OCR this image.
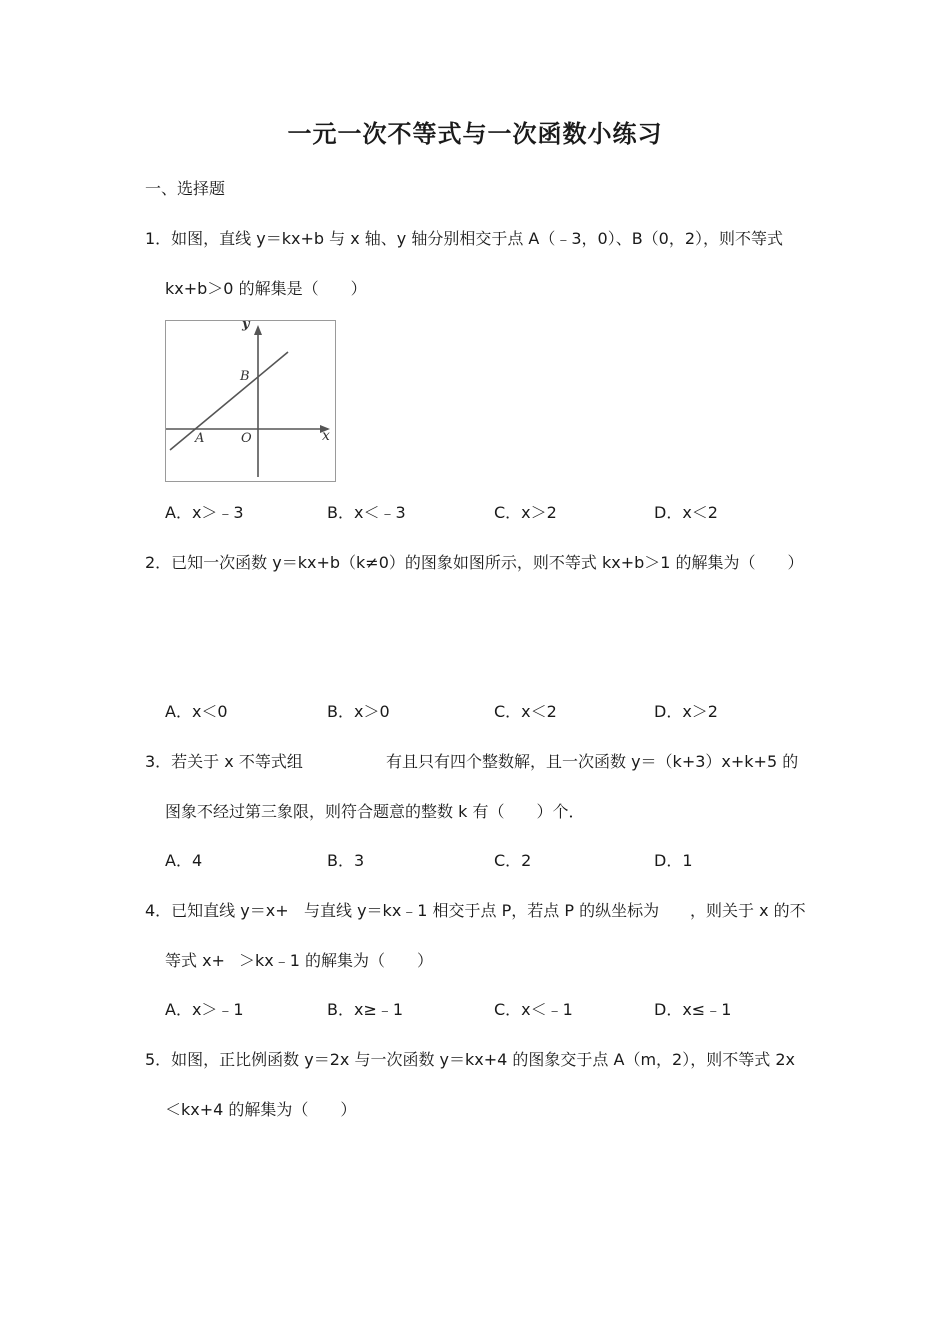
一元一次不等式与一次函数小练习
一、选择题
1．如图，直线 y＝kx+b 与 x 轴、y 轴分别相交于点 A（﹣3，0）、B（0，2），则不等式
kx+b＞0 的解集是（　　）
y
x
B
A	O
A．x＞﹣3	B．x＜﹣3	C．x＞2	D．x＜2
2．已知一次函数 y＝kx+b（k≠0）的图象如图所示，则不等式 kx+b＞1 的解集为（　　）
A．x＜0	B．x＞0	C．x＜2	D．x＞2
3．若关于 x 不等式组	有且只有四个整数解，且一次函数 y＝（k+3）x+k+5 的
图象不经过第三象限，则符合题意的整数 k 有（　　）个．
A．4	B．3	C．2	D．1
4．已知直线 y＝x+ 与直线 y＝kx﹣1 相交于点 P，若点 P 的纵坐标为 ，则关于 x 的不
等式 x+ ＞kx﹣1 的解集为（　　）
A．x＞﹣1	B．x≥﹣1	C．x＜﹣1	D．x≤﹣1
5．如图，正比例函数 y＝2x 与一次函数 y＝kx+4 的图象交于点 A（m，2），则不等式 2x
＜kx+4 的解集为（　　）
